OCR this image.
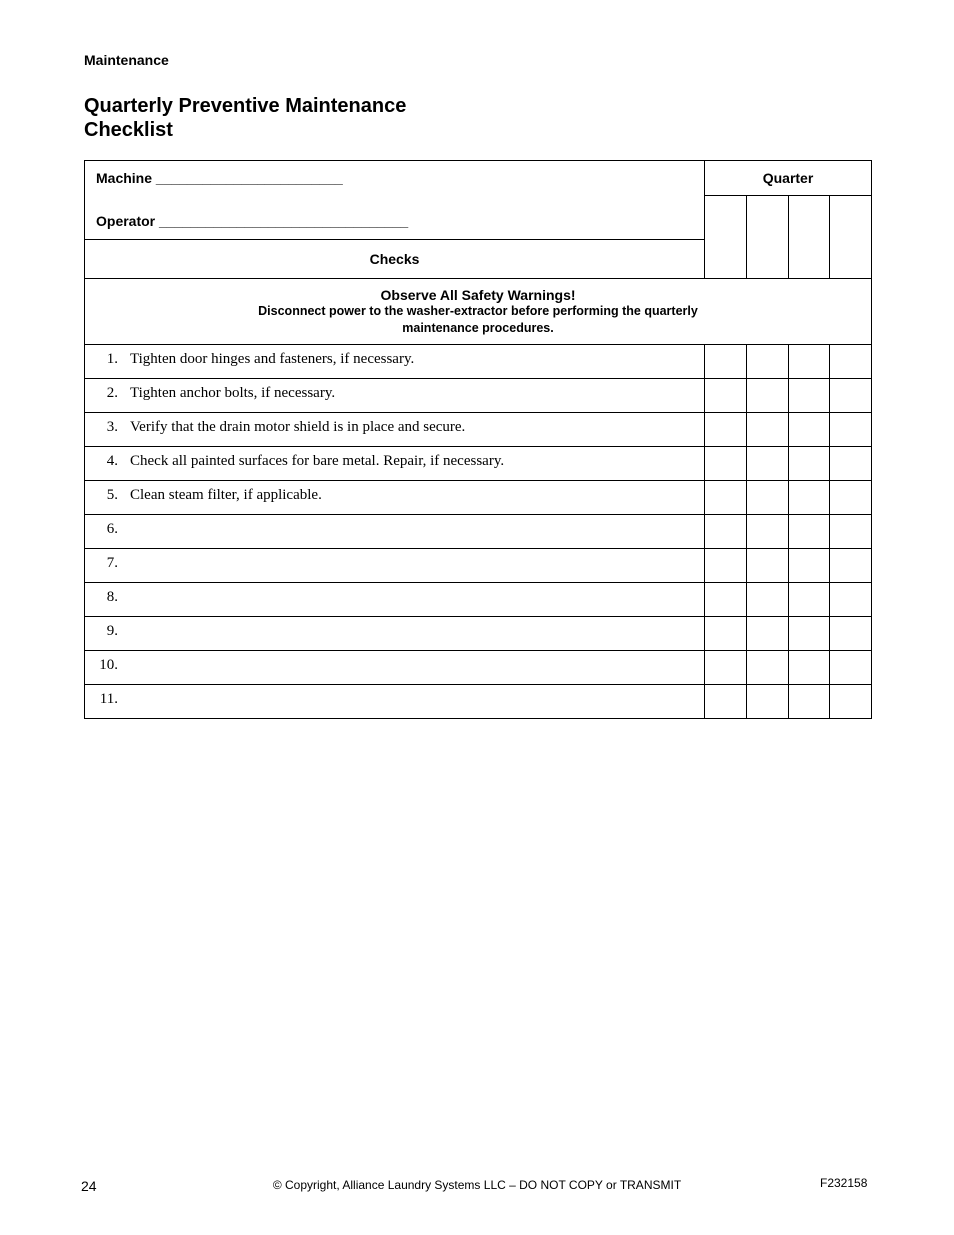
Maintenance
Quarterly Preventive Maintenance
Checklist
Machine ________________________
Operator ________________________________	Quarter			

Checks				

Observe All Safety Warnings!
Disconnect power to the washer-extractor before performing the quarterly maintenance procedures.				

1. Tighten door hinges and fasteners, if necessary.				

2. Tighten anchor bolts, if necessary.				

3. Verify that the drain motor shield is in place and secure.				

4. Check all painted surfaces for bare metal. Repair, if necessary.				

5. Clean steam filter, if applicable.				

6.				

7.				

8.				

9.				

10.				

11.				

24	© Copyright, Alliance Laundry Systems LLC – DO NOT COPY or TRANSMIT	F232158
